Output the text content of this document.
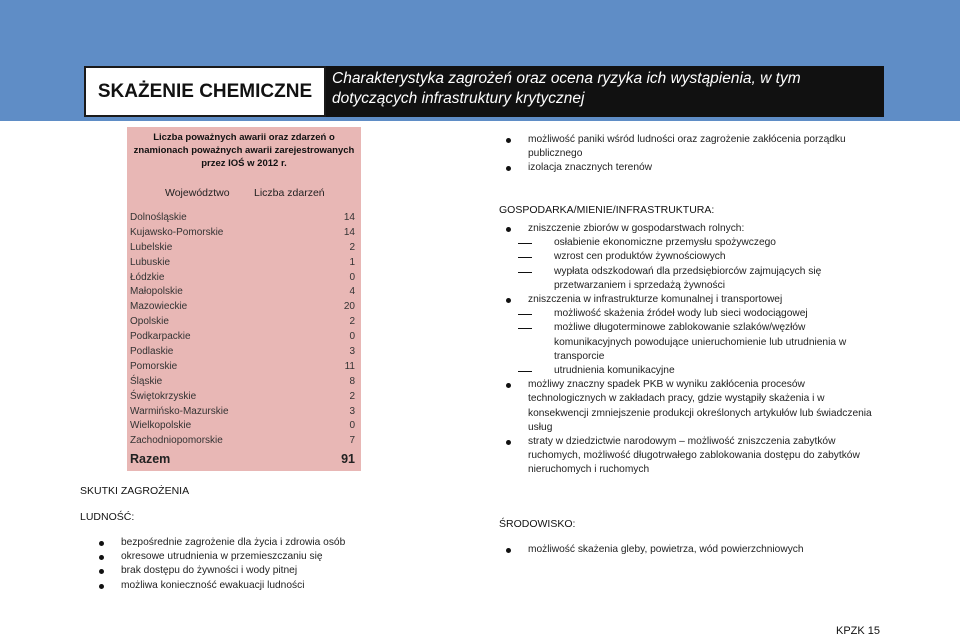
SKAŻENIE CHEMICZNE
Charakterystyka zagrożeń oraz ocena ryzyka ich wystąpienia, w tym dotyczących infrastruktury krytycznej
Liczba poważnych awarii oraz zdarzeń o znamionach poważnych awarii zarejestrowanych przez IOŚ w 2012 r.
Województwo Liczba zdarzeń
Dolnośląskie	14
Kujawsko-Pomorskie	14
Lubelskie	2
Lubuskie	1
Łódzkie	0
Małopolskie	4
Mazowieckie	20
Opolskie	2
Podkarpackie	0
Podlaskie	3
Pomorskie	11
Śląskie	8
Świętokrzyskie	2
Warmińsko-Mazurskie	3
Wielkopolskie	0
Zachodniopomorskie	7
Razem	91
SKUTKI ZAGROŻENIA
LUDNOŚĆ:
bezpośrednie zagrożenie dla życia i zdrowia osób
okresowe utrudnienia w przemieszczaniu się
brak dostępu do żywności i wody pitnej
możliwa konieczność ewakuacji ludności
możliwość paniki wśród ludności oraz zagrożenie zakłócenia porządku publicznego
izolacja znacznych terenów
GOSPODARKA/MIENIE/INFRASTRUKTURA:
zniszczenie zbiorów w gospodarstwach rolnych:
osłabienie ekonomiczne przemysłu spożywczego
wzrost cen produktów żywnościowych
wypłata odszkodowań dla przedsiębiorców zajmujących się przetwarzaniem i sprzedażą żywności
zniszczenia w infrastrukturze komunalnej i transportowej
możliwość skażenia źródeł wody lub sieci wodociągowej
możliwe długoterminowe zablokowanie szlaków/węzłów komunikacyjnych powodujące unieruchomienie lub utrudnienia w transporcie
utrudnienia komunikacyjne
możliwy znaczny spadek PKB w wyniku zakłócenia procesów technologicznych w zakładach pracy, gdzie wystąpiły skażenia i w konsekwencji zmniejszenie produkcji określonych artykułów lub świadczenia usług
straty w dziedzictwie narodowym – możliwość zniszczenia zabytków ruchomych, możliwość długotrwałego zablokowania dostępu do zabytków nieruchomych i ruchomych
ŚRODOWISKO:
możliwość skażenia gleby, powietrza, wód powierzchniowych
KPZK 15
